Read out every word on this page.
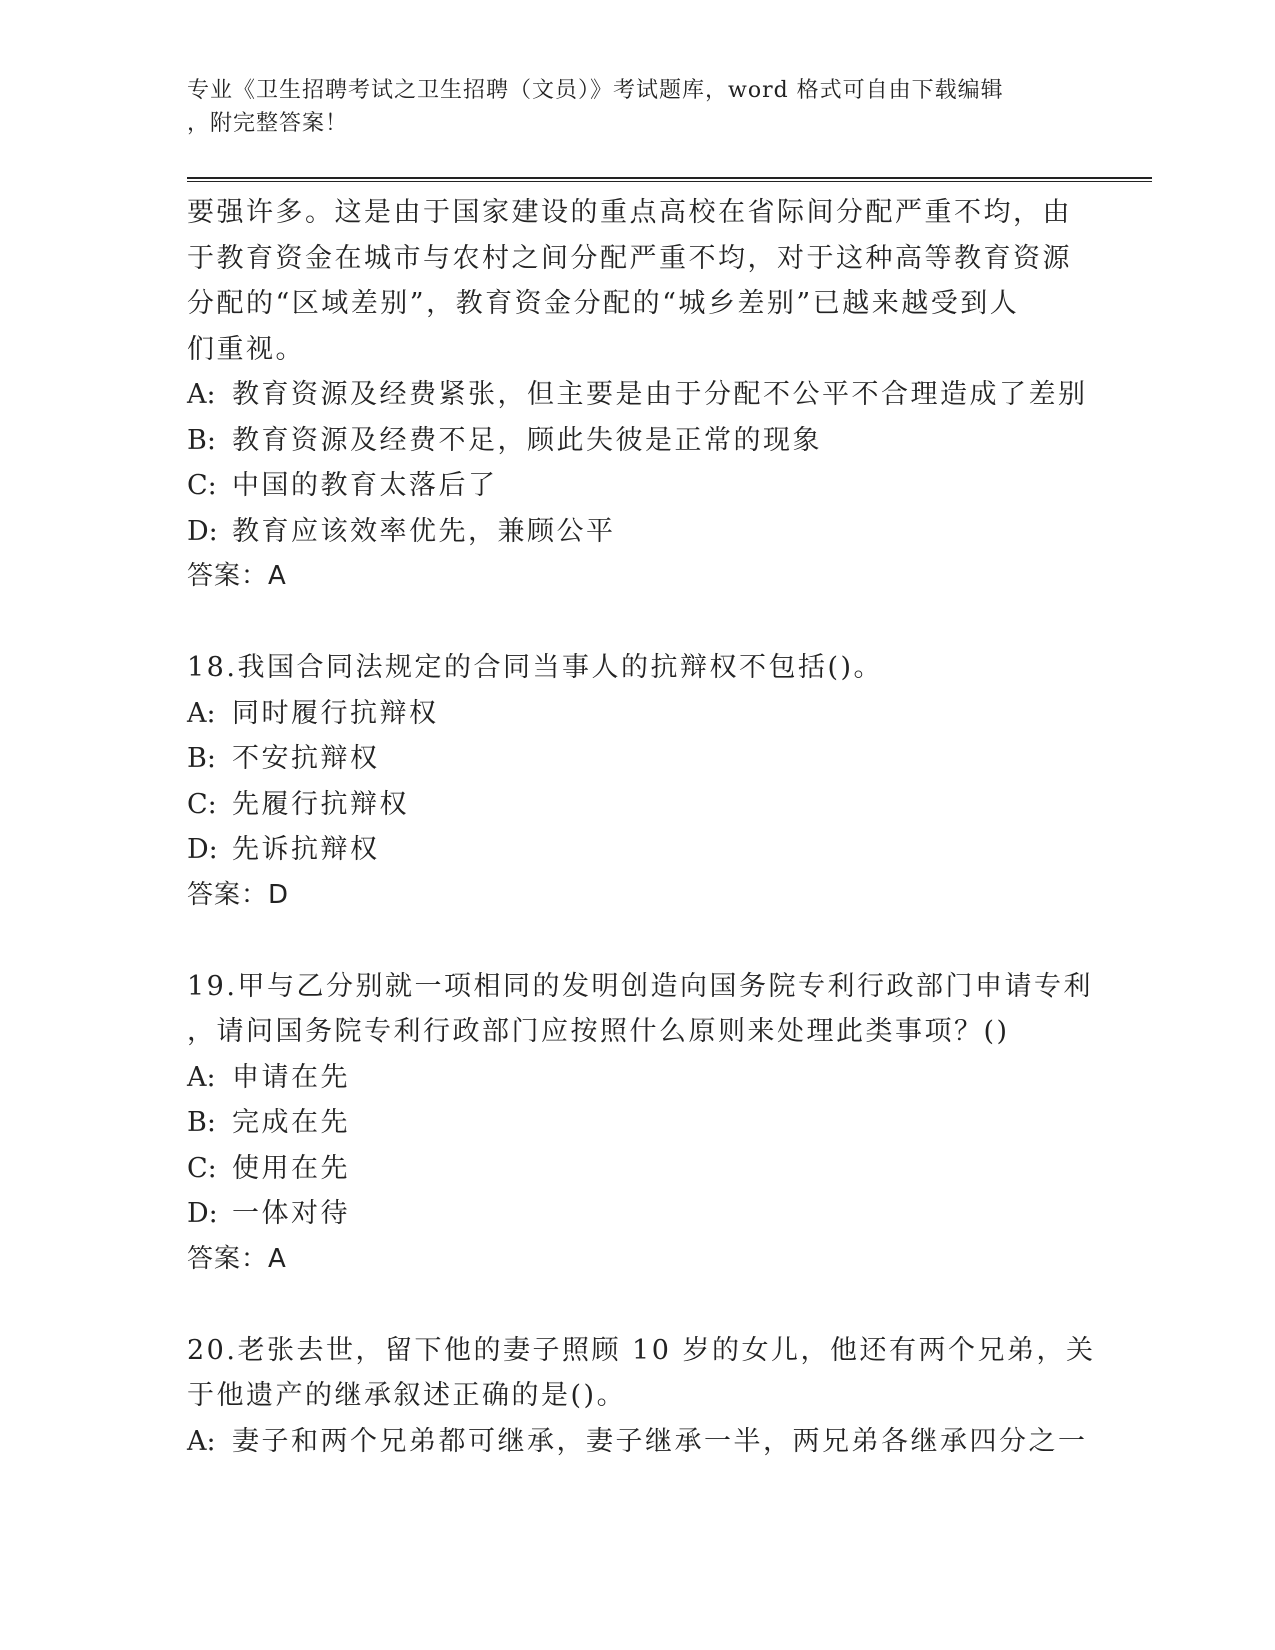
专业《卫生招聘考试之卫生招聘（文员）》考试题库，word 格式可自由下载编辑
，附完整答案！
要强许多。这是由于国家建设的重点高校在省际间分配严重不均，由
于教育资金在城市与农村之间分配严重不均，对于这种高等教育资源
分配的“区域差别”，教育资金分配的“城乡差别”已越来越受到人
们重视。
A: 教育资源及经费紧张，但主要是由于分配不公平不合理造成了差别
B: 教育资源及经费不足，顾此失彼是正常的现象
C: 中国的教育太落后了
D: 教育应该效率优先，兼顾公平
答案：A
18.我国合同法规定的合同当事人的抗辩权不包括()。
A: 同时履行抗辩权
B: 不安抗辩权
C: 先履行抗辩权
D: 先诉抗辩权
答案：D
19.甲与乙分别就一项相同的发明创造向国务院专利行政部门申请专利
，请问国务院专利行政部门应按照什么原则来处理此类事项？()
A: 申请在先
B: 完成在先
C: 使用在先
D: 一体对待
答案：A
20.老张去世，留下他的妻子照顾 10 岁的女儿，他还有两个兄弟，关
于他遗产的继承叙述正确的是()。
A: 妻子和两个兄弟都可继承，妻子继承一半，两兄弟各继承四分之一
